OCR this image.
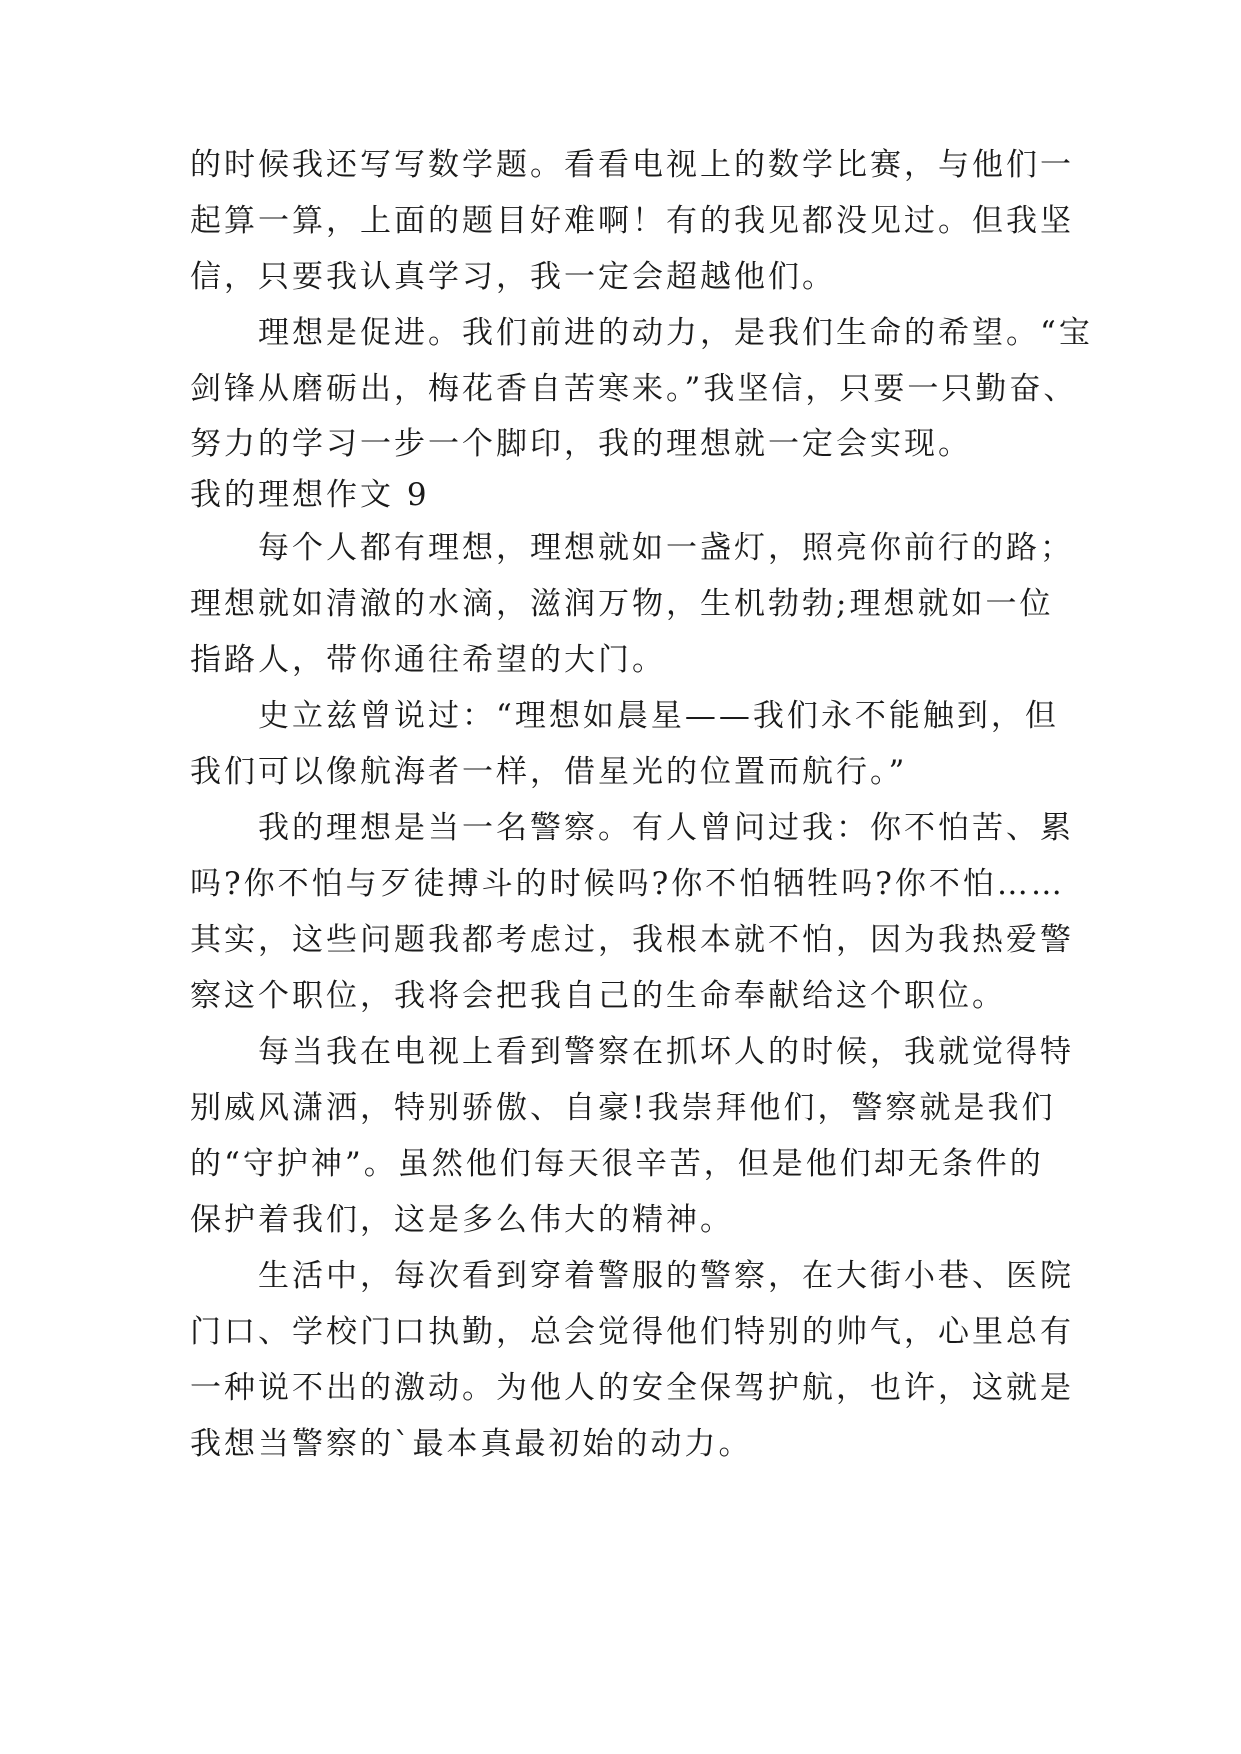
的时候我还写写数学题。看看电视上的数学比赛，与他们一
起算一算，上面的题目好难啊！有的我见都没见过。但我坚
信，只要我认真学习，我一定会超越他们。
　　理想是促进。我们前进的动力，是我们生命的希望。“宝
剑锋从磨砺出，梅花香自苦寒来。”我坚信，只要一只勤奋、
努力的学习一步一个脚印，我的理想就一定会实现。
我的理想作文 9
　　每个人都有理想，理想就如一盏灯，照亮你前行的路；
理想就如清澈的水滴，滋润万物，生机勃勃;理想就如一位
指路人，带你通往希望的大门。
　　史立兹曾说过：“理想如晨星——我们永不能触到，但
我们可以像航海者一样，借星光的位置而航行。”
　　我的理想是当一名警察。有人曾问过我：你不怕苦、累
吗?你不怕与歹徒搏斗的时候吗?你不怕牺牲吗?你不怕……
其实，这些问题我都考虑过，我根本就不怕，因为我热爱警
察这个职位，我将会把我自己的生命奉献给这个职位。
　　每当我在电视上看到警察在抓坏人的时候，我就觉得特
别威风潇洒，特别骄傲、自豪!我崇拜他们，警察就是我们
的“守护神”。虽然他们每天很辛苦，但是他们却无条件的
保护着我们，这是多么伟大的精神。
　　生活中，每次看到穿着警服的警察，在大街小巷、医院
门口、学校门口执勤，总会觉得他们特别的帅气，心里总有
一种说不出的激动。为他人的安全保驾护航，也许，这就是
我想当警察的`最本真最初始的动力。
